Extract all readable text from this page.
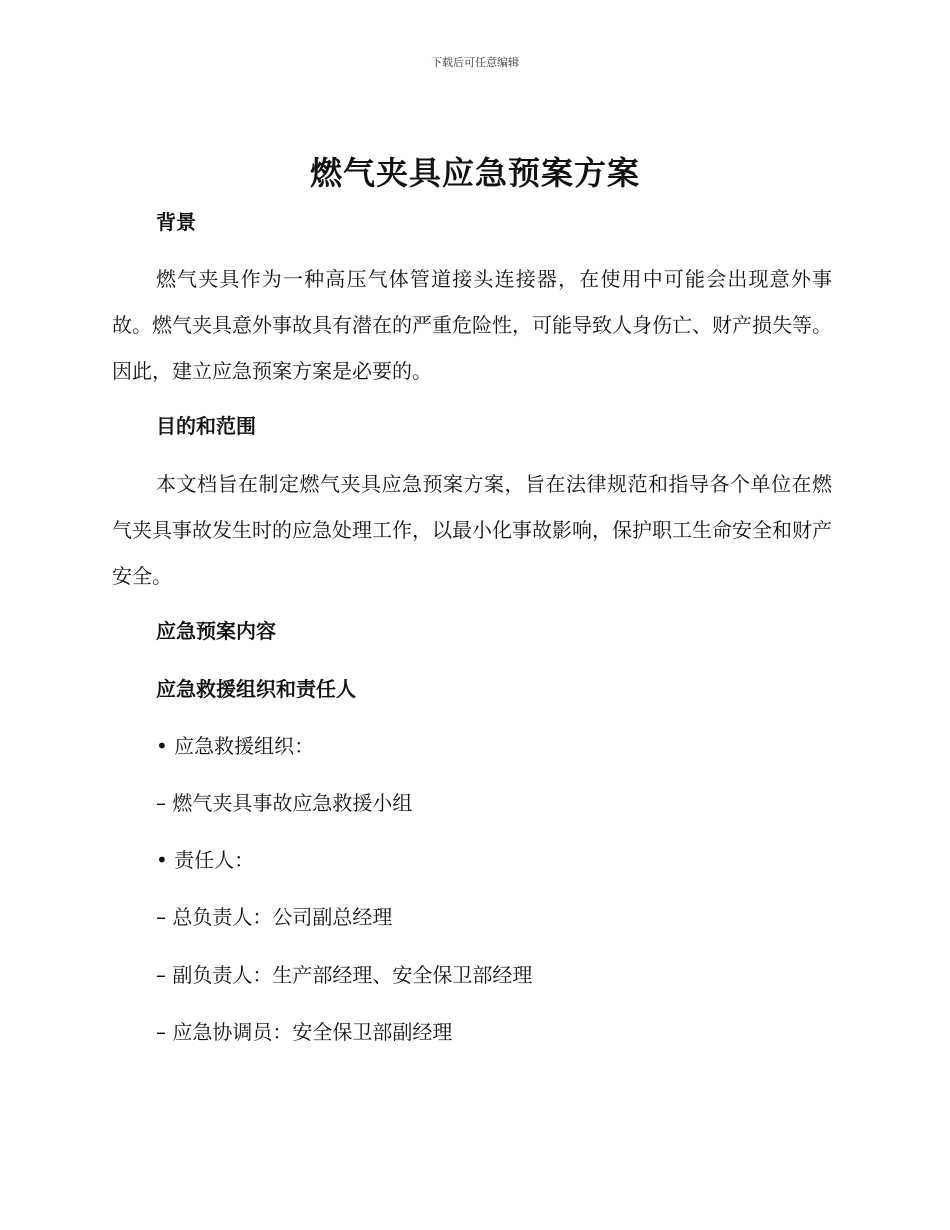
下载后可任意编辑
燃气夹具应急预案方案
背景
燃气夹具作为一种高压气体管道接头连接器，在使用中可能会出现意外事故。燃气夹具意外事故具有潜在的严重危险性，可能导致人身伤亡、财产损失等。因此，建立应急预案方案是必要的。
目的和范围
本文档旨在制定燃气夹具应急预案方案，旨在法律规范和指导各个单位在燃气夹具事故发生时的应急处理工作，以最小化事故影响，保护职工生命安全和财产安全。
应急预案内容
应急救援组织和责任人
• 应急救援组织：
– 燃气夹具事故应急救援小组
• 责任人：
– 总负责人：公司副总经理
– 副负责人：生产部经理、安全保卫部经理
– 应急协调员：安全保卫部副经理
